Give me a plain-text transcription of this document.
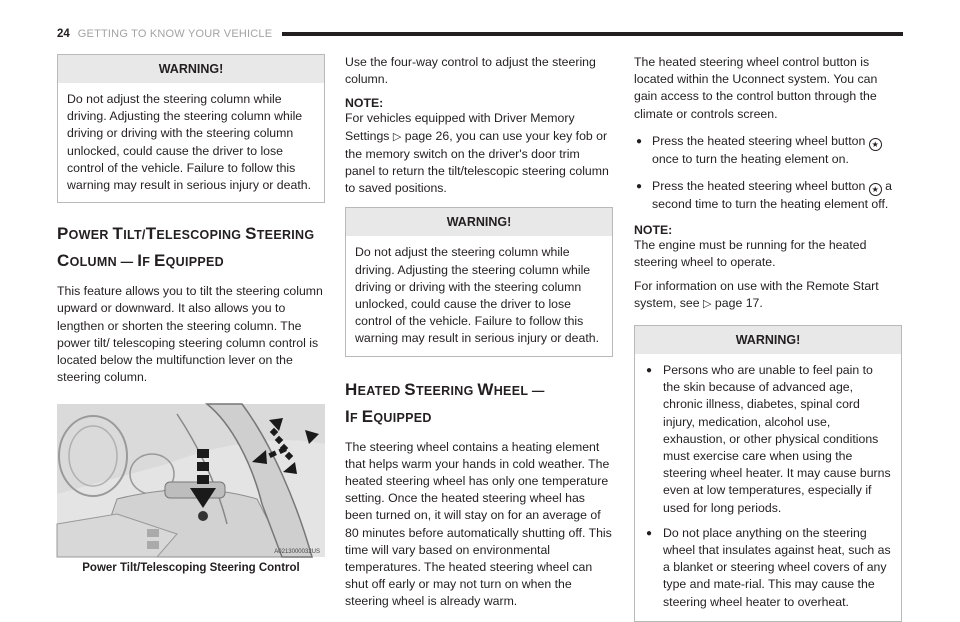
24 GETTING TO KNOW YOUR VEHICLE
WARNING!
Do not adjust the steering column while driving. Adjusting the steering column while driving or driving with the steering column unlocked, could cause the driver to lose control of the vehicle. Failure to follow this warning may result in serious injury or death.
POWER TILT/TELESCOPING STEERING
COLUMN — IF EQUIPPED

This feature allows you to tilt the steering column upward or downward. It also allows you to lengthen or shorten the steering column. The power tilt/ telescoping steering column control is located below the multifunction lever on the steering column.

A0213000032US
Power Tilt/Telescoping Steering Control

Use the four-way control to adjust the steering column.

NOTE:
For vehicles equipped with Driver Memory Settings ▷ page 26, you can use your key fob or the memory switch on the driver's door trim panel to return the tilt/telescopic steering column to saved positions.
WARNING!
Do not adjust the steering column while driving. Adjusting the steering column while driving or driving with the steering column unlocked, could cause the driver to lose control of the vehicle. Failure to follow this warning may result in serious injury or death.
HEATED STEERING WHEEL —
IF EQUIPPED

The steering wheel contains a heating element that helps warm your hands in cold weather. The heated steering wheel has only one temperature setting. Once the heated steering wheel has been turned on, it will stay on for an average of 80 minutes before automatically shutting off. This time will vary based on environmental temperatures. The heated steering wheel can shut off early or may not turn on when the steering wheel is already warm.

The heated steering wheel control button is located within the Uconnect system. You can gain access to the control button through the climate or controls screen.

● Press the heated steering wheel button ★ once to turn the heating element on.
● Press the heated steering wheel button ★ a second time to turn the heating element off.
NOTE:
The engine must be running for the heated steering wheel to operate.

For information on use with the Remote Start system, see ▷ page 17.

WARNING!
● Persons who are unable to feel pain to the skin because of advanced age, chronic illness, diabetes, spinal cord injury, medication, alcohol use, exhaustion, or other physical conditions must exercise care when using the steering wheel heater. It may cause burns even at low temperatures, especially if used for long periods.
● Do not place anything on the steering wheel that insulates against heat, such as a blanket or steering wheel covers of any type and mate-rial. This may cause the steering wheel heater to overheat.
